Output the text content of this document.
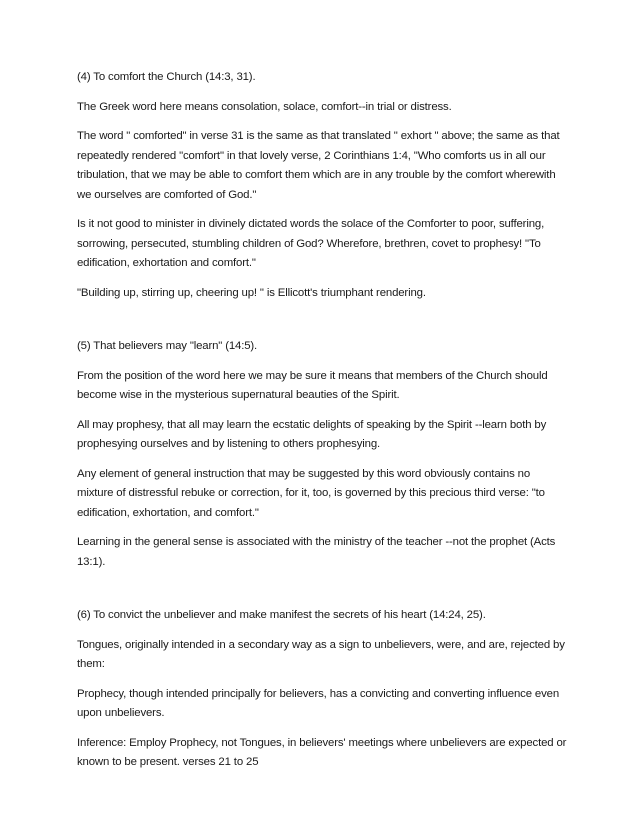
(4) To comfort the Church (14:3, 31).

The Greek word here means consolation, solace, comfort--in trial or distress.

The word " comforted" in verse 31 is the same as that translated " exhort " above; the same as that repeatedly rendered "comfort" in that lovely verse, 2 Corinthians 1:4, "Who comforts us in all our tribulation, that we may be able to comfort them which are in any trouble by the comfort wherewith we ourselves are comforted of God."

Is it not good to minister in divinely dictated words the solace of the Comforter to poor, suffering, sorrowing, persecuted, stumbling children of God? Wherefore, brethren, covet to prophesy! "To edification, exhortation and comfort."

"Building up, stirring up, cheering up! " is Ellicott's triumphant rendering.

(5) That believers may "learn" (14:5).

From the position of the word here we may be sure it means that members of the Church should become wise in the mysterious supernatural beauties of the Spirit.

All may prophesy, that all may learn the ecstatic delights of speaking by the Spirit --learn both by prophesying ourselves and by listening to others prophesying.

Any element of general instruction that may be suggested by this word obviously contains no mixture of distressful rebuke or correction, for it, too, is governed by this precious third verse: "to edification, exhortation, and comfort."

Learning in the general sense is associated with the ministry of the teacher --not the prophet (Acts 13:1).

(6) To convict the unbeliever and make manifest the secrets of his heart (14:24, 25).

Tongues, originally intended in a secondary way as a sign to unbelievers, were, and are, rejected by them:

Prophecy, though intended principally for believers, has a convicting and converting influence even upon unbelievers.

Inference: Employ Prophecy, not Tongues, in believers' meetings where unbelievers are expected or known to be present. verses 21 to 25
